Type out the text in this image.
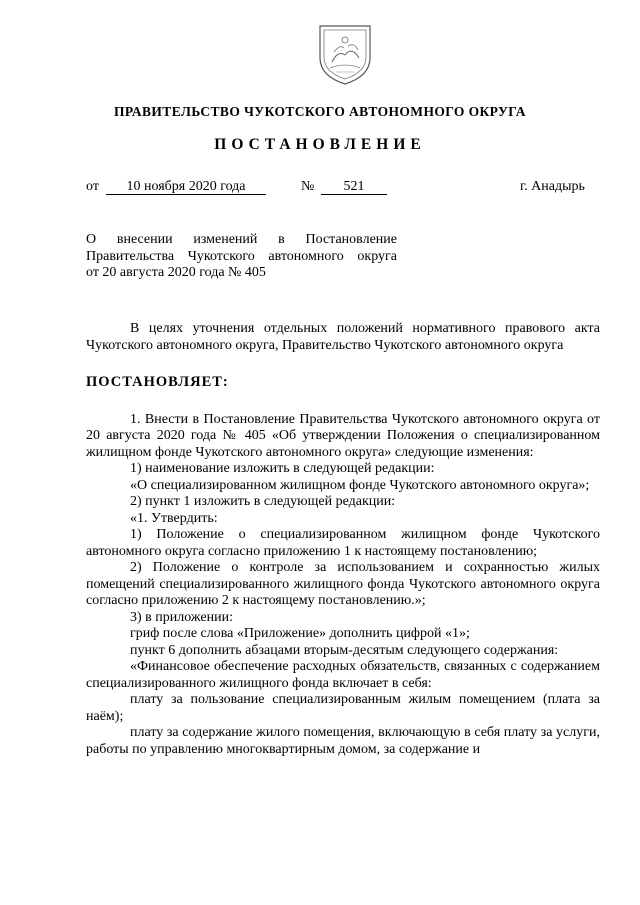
ПРАВИТЕЛЬСТВО ЧУКОТСКОГО АВТОНОМНОГО ОКРУГА
ПОСТАНОВЛЕНИЕ
от	10 ноября 2020 года	№	521	г. Анадырь

О внесении изменений в Постановление

Правительства Чукотского автономного округа

от 20 августа 2020 года № 405

В целях уточнения отдельных положений нормативного правового акта Чукотского автономного округа, Правительство Чукотского автономного округа

ПОСТАНОВЛЯЕТ:

1. Внести в Постановление Правительства Чукотского автономного округа от 20 августа 2020 года № 405 «Об утверждении Положения о специализированном жилищном фонде Чукотского автономного округа» следующие изменения:

1) наименование изложить в следующей редакции:

«О специализированном жилищном фонде Чукотского автономного округа»;

2) пункт 1 изложить в следующей редакции:

«1. Утвердить:

1) Положение о специализированном жилищном фонде Чукотского автономного округа согласно приложению 1 к настоящему постановлению;

2) Положение о контроле за использованием и сохранностью жилых помещений специализированного жилищного фонда Чукотского автономного округа согласно приложению 2 к настоящему постановлению.»;

3) в приложении:

гриф после слова «Приложение» дополнить цифрой «1»;

пункт 6 дополнить абзацами вторым-десятым следующего содержания:

«Финансовое обеспечение расходных обязательств, связанных с содержанием специализированного жилищного фонда включает в себя:

плату за пользование специализированным жилым помещением (плата за наём);

плату за содержание жилого помещения, включающую в себя плату за услуги, работы по управлению многоквартирным домом, за содержание и
